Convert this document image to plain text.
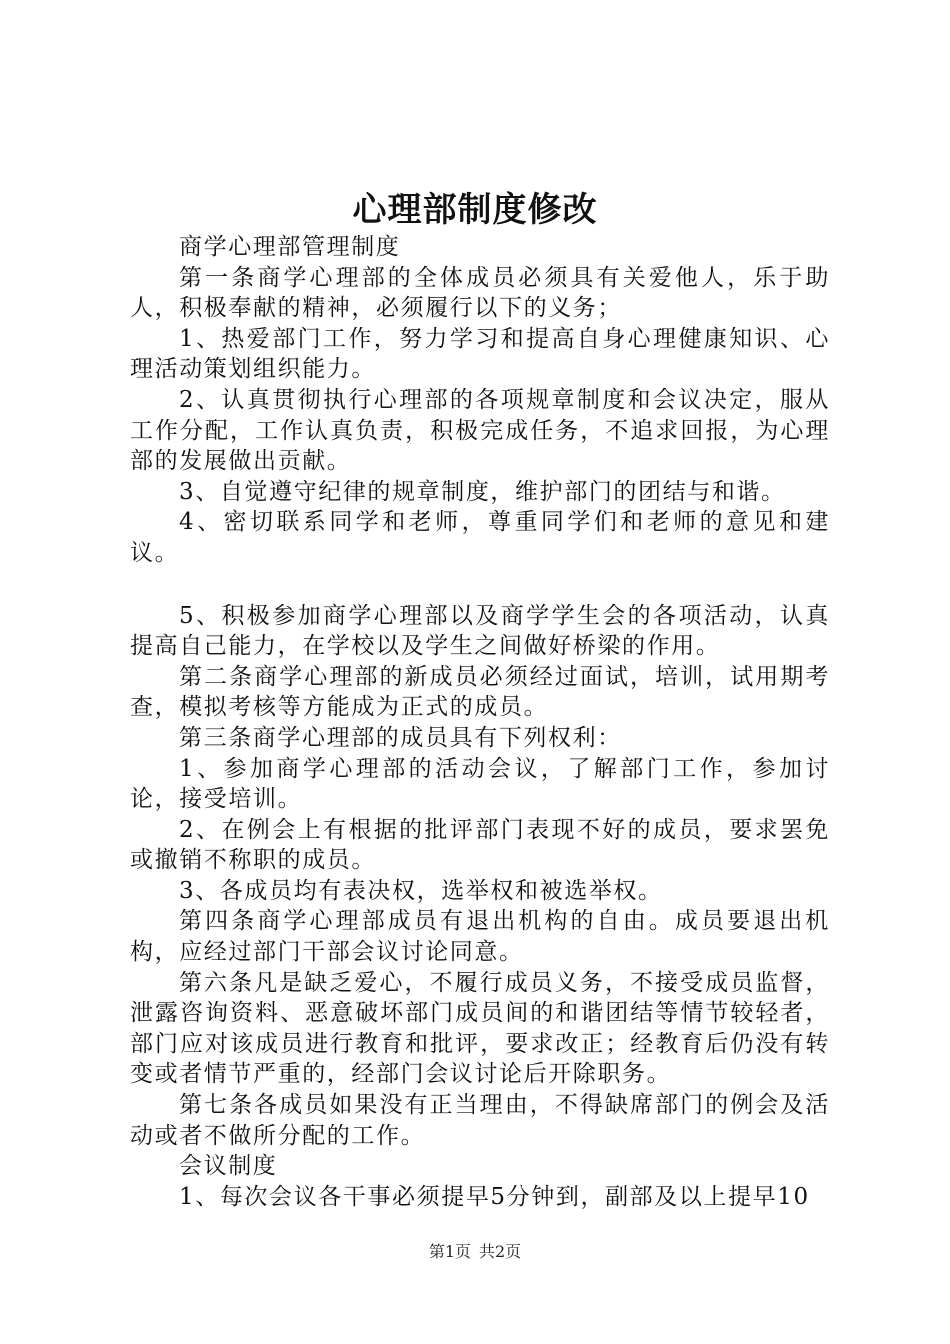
心理部制度修改

商学心理部管理制度

第一条商学心理部的全体成员必须具有关爱他人，乐于助人，积极奉献的精神，必须履行以下的义务；

1、热爱部门工作，努力学习和提高自身心理健康知识、心理活动策划组织能力。

2、认真贯彻执行心理部的各项规章制度和会议决定，服从工作分配，工作认真负责，积极完成任务，不追求回报，为心理部的发展做出贡献。

3、自觉遵守纪律的规章制度，维护部门的团结与和谐。

4、密切联系同学和老师，尊重同学们和老师的意见和建议。

5、积极参加商学心理部以及商学学生会的各项活动，认真提高自己能力，在学校以及学生之间做好桥梁的作用。

第二条商学心理部的新成员必须经过面试，培训，试用期考查，模拟考核等方能成为正式的成员。

第三条商学心理部的成员具有下列权利：

1、参加商学心理部的活动会议，了解部门工作，参加讨论，接受培训。

2、在例会上有根据的批评部门表现不好的成员，要求罢免或撤销不称职的成员。

3、各成员均有表决权，选举权和被选举权。

第四条商学心理部成员有退出机构的自由。成员要退出机构，应经过部门干部会议讨论同意。

第六条凡是缺乏爱心，不履行成员义务，不接受成员监督，泄露咨询资料、恶意破坏部门成员间的和谐团结等情节较轻者，部门应对该成员进行教育和批评，要求改正；经教育后仍没有转变或者情节严重的，经部门会议讨论后开除职务。

第七条各成员如果没有正当理由，不得缺席部门的例会及活动或者不做所分配的工作。

会议制度

1、每次会议各干事必须提早5分钟到，副部及以上提早10

第1页 共2页
